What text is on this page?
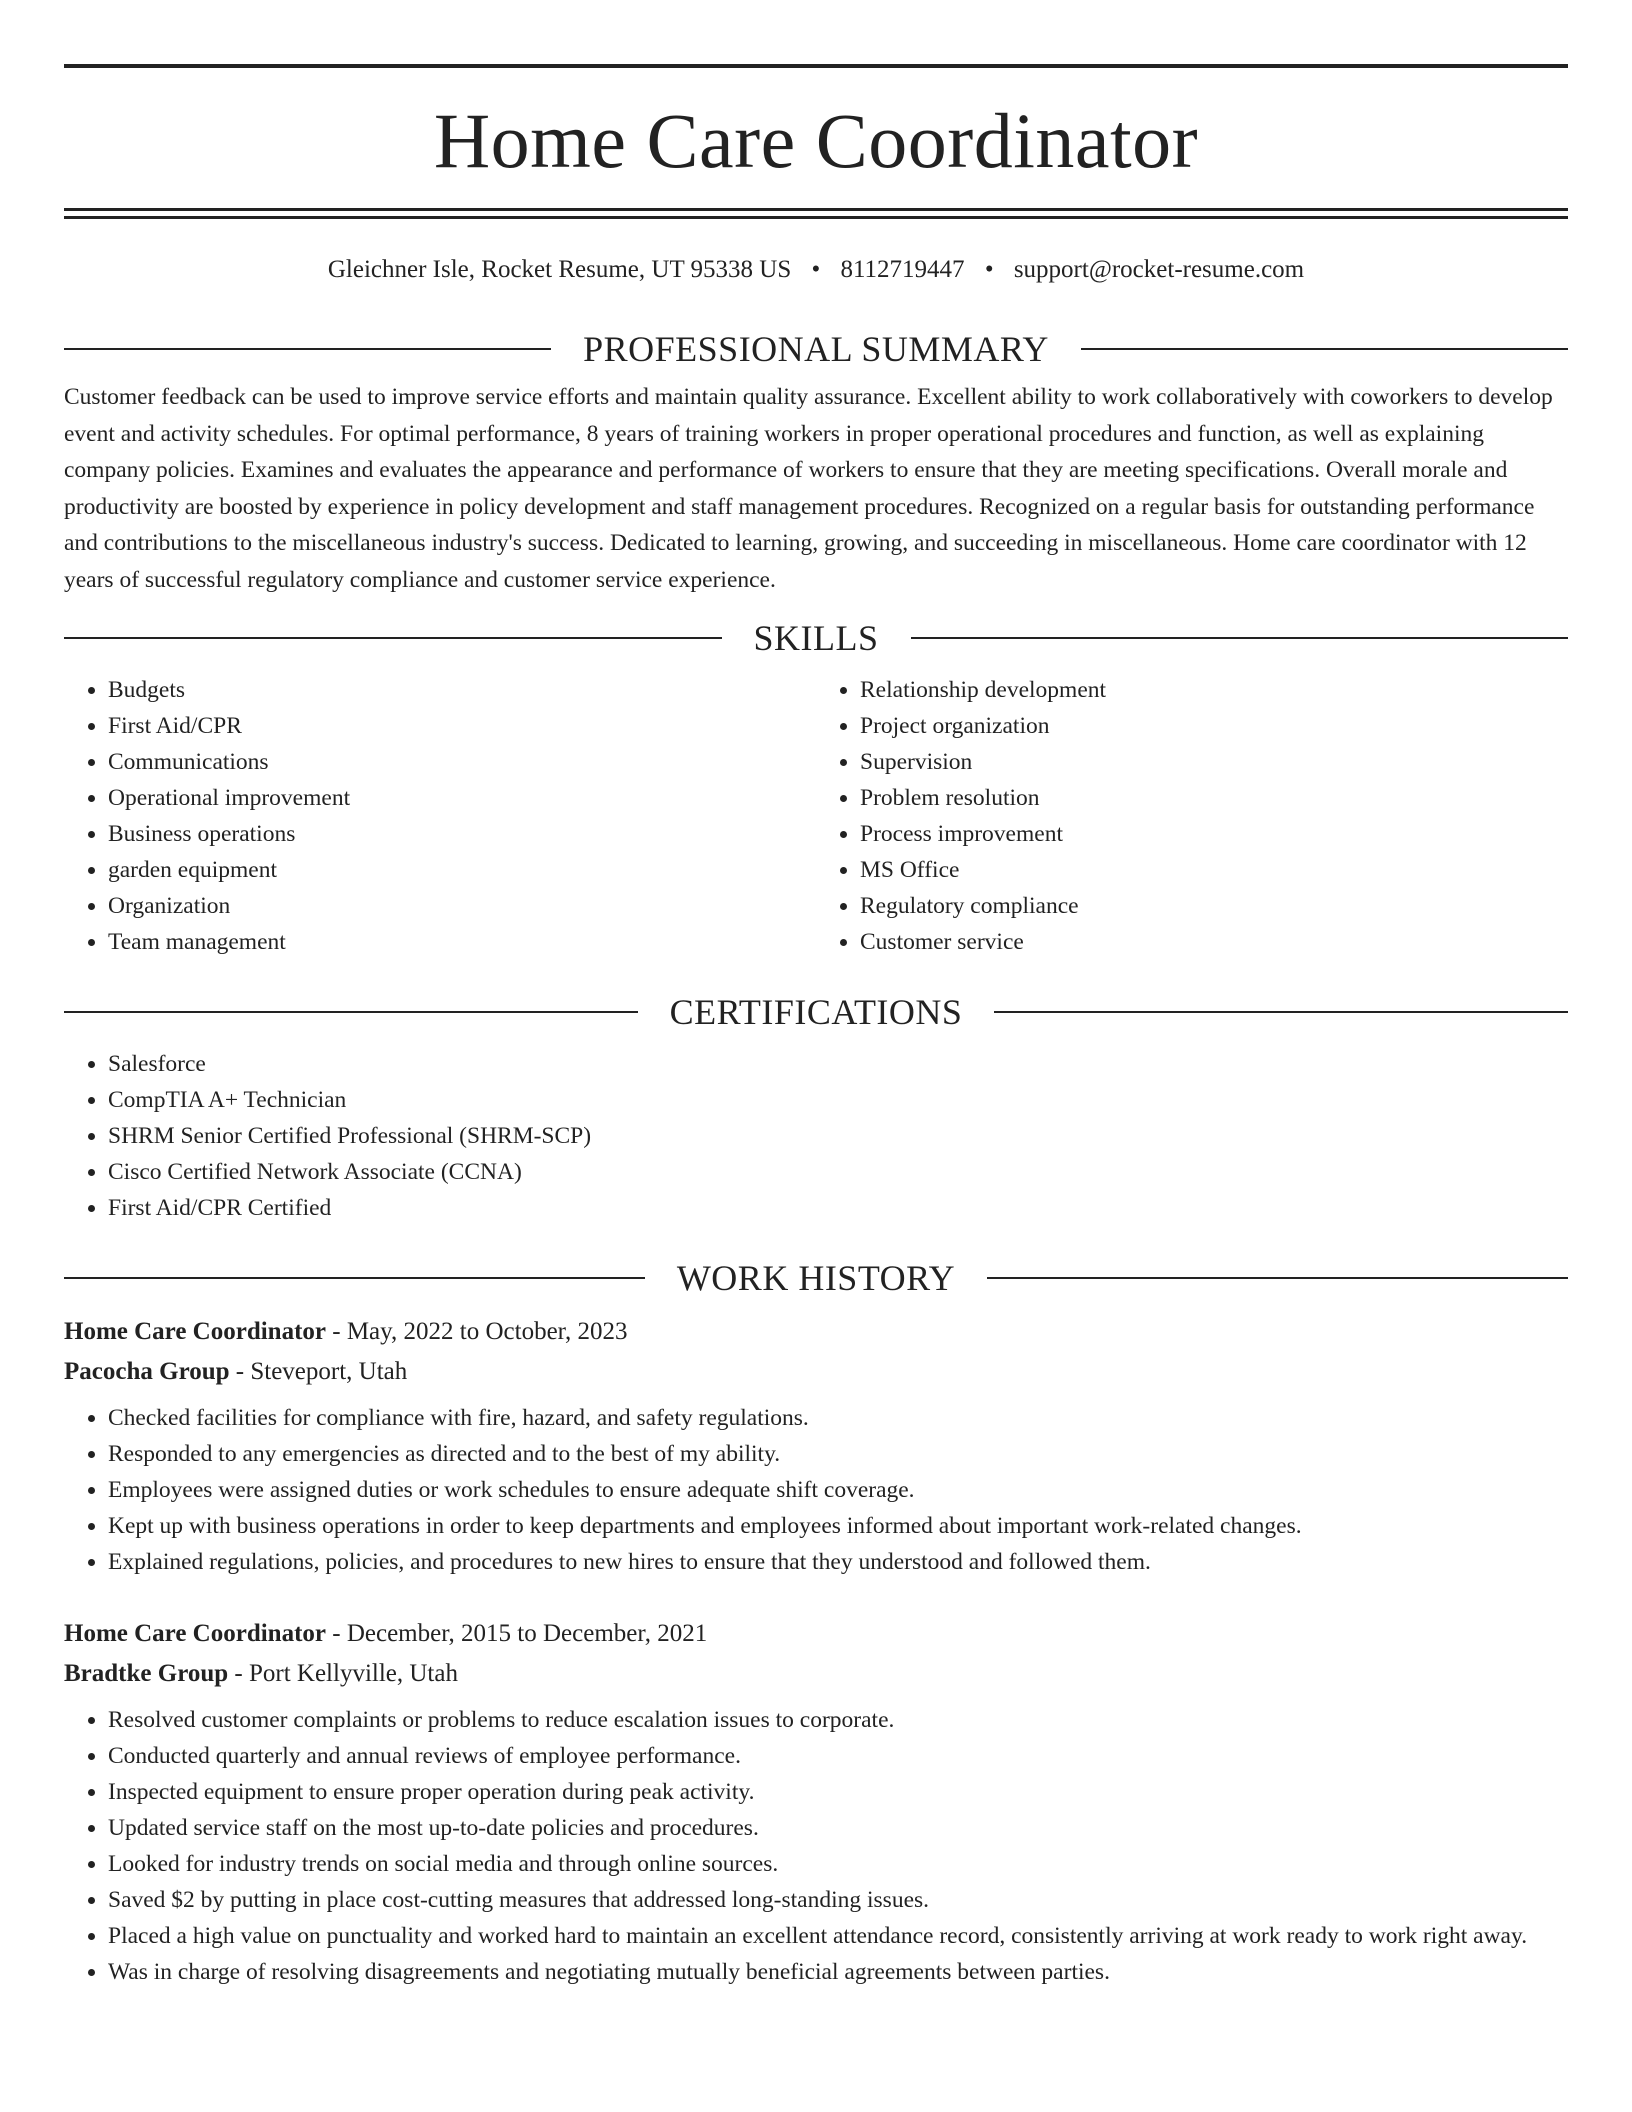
Home Care Coordinator
Gleichner Isle, Rocket Resume, UT 95338 US • 8112719447 • support@rocket-resume.com
PROFESSIONAL SUMMARY
Customer feedback can be used to improve service efforts and maintain quality assurance. Excellent ability to work collaboratively with coworkers to develop event and activity schedules. For optimal performance, 8 years of training workers in proper operational procedures and function, as well as explaining company policies. Examines and evaluates the appearance and performance of workers to ensure that they are meeting specifications. Overall morale and productivity are boosted by experience in policy development and staff management procedures. Recognized on a regular basis for outstanding performance and contributions to the miscellaneous industry's success. Dedicated to learning, growing, and succeeding in miscellaneous. Home care coordinator with 12 years of successful regulatory compliance and customer service experience.
SKILLS
• Budgets
• First Aid/CPR
• Communications
• Operational improvement
• Business operations
• garden equipment
• Organization
• Team management
• Relationship development
• Project organization
• Supervision
• Problem resolution
• Process improvement
• MS Office
• Regulatory compliance
• Customer service
CERTIFICATIONS
• Salesforce
• CompTIA A+ Technician
• SHRM Senior Certified Professional (SHRM-SCP)
• Cisco Certified Network Associate (CCNA)
• First Aid/CPR Certified
WORK HISTORY
Home Care Coordinator - May, 2022 to October, 2023
Pacocha Group - Steveport, Utah
• Checked facilities for compliance with fire, hazard, and safety regulations.
• Responded to any emergencies as directed and to the best of my ability.
• Employees were assigned duties or work schedules to ensure adequate shift coverage.
• Kept up with business operations in order to keep departments and employees informed about important work-related changes.
• Explained regulations, policies, and procedures to new hires to ensure that they understood and followed them.
Home Care Coordinator - December, 2015 to December, 2021
Bradtke Group - Port Kellyville, Utah
• Resolved customer complaints or problems to reduce escalation issues to corporate.
• Conducted quarterly and annual reviews of employee performance.
• Inspected equipment to ensure proper operation during peak activity.
• Updated service staff on the most up-to-date policies and procedures.
• Looked for industry trends on social media and through online sources.
• Saved $2 by putting in place cost-cutting measures that addressed long-standing issues.
• Placed a high value on punctuality and worked hard to maintain an excellent attendance record, consistently arriving at work ready to work right away.
• Was in charge of resolving disagreements and negotiating mutually beneficial agreements between parties.
